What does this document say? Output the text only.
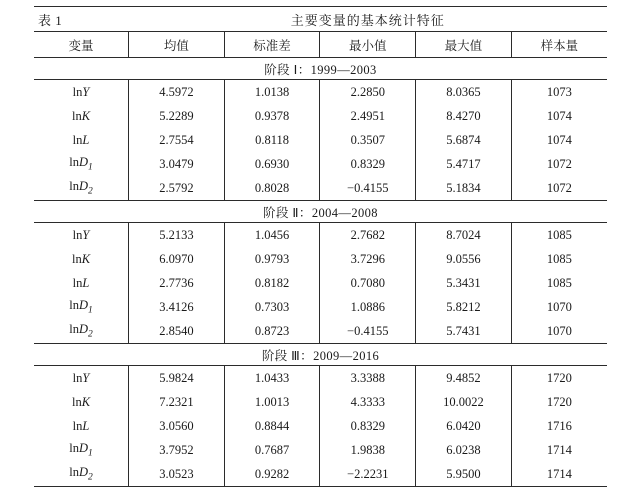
表 1	主要变量的基本统计特征				
变量	均值	标准差	最小值	最大值	样本量
阶段 Ⅰ：1999—2003					
lnY	4.5972	1.0138	2.2850	8.0365	1073
lnK	5.2289	0.9378	2.4951	8.4270	1074
lnL	2.7554	0.8118	0.3507	5.6874	1074
lnD$_1$	3.0479	0.6930	0.8329	5.4717	1072
lnD$_2$	2.5792	0.8028	−0.4155	5.1834	1072
阶段 Ⅱ：2004—2008					
lnY	5.2133	1.0456	2.7682	8.7024	1085
lnK	6.0970	0.9793	3.7296	9.0556	1085
lnL	2.7736	0.8182	0.7080	5.3431	1085
lnD$_1$	3.4126	0.7303	1.0886	5.8212	1070
lnD$_2$	2.8540	0.8723	−0.4155	5.7431	1070
阶段 Ⅲ：2009—2016					
lnY	5.9824	1.0433	3.3388	9.4852	1720
lnK	7.2321	1.0013	4.3333	10.0022	1720
lnL	3.0560	0.8844	0.8329	6.0420	1716
lnD$_1$	3.7952	0.7687	1.9838	6.0238	1714
lnD$_2$	3.0523	0.9282	−2.2231	5.9500	1714
